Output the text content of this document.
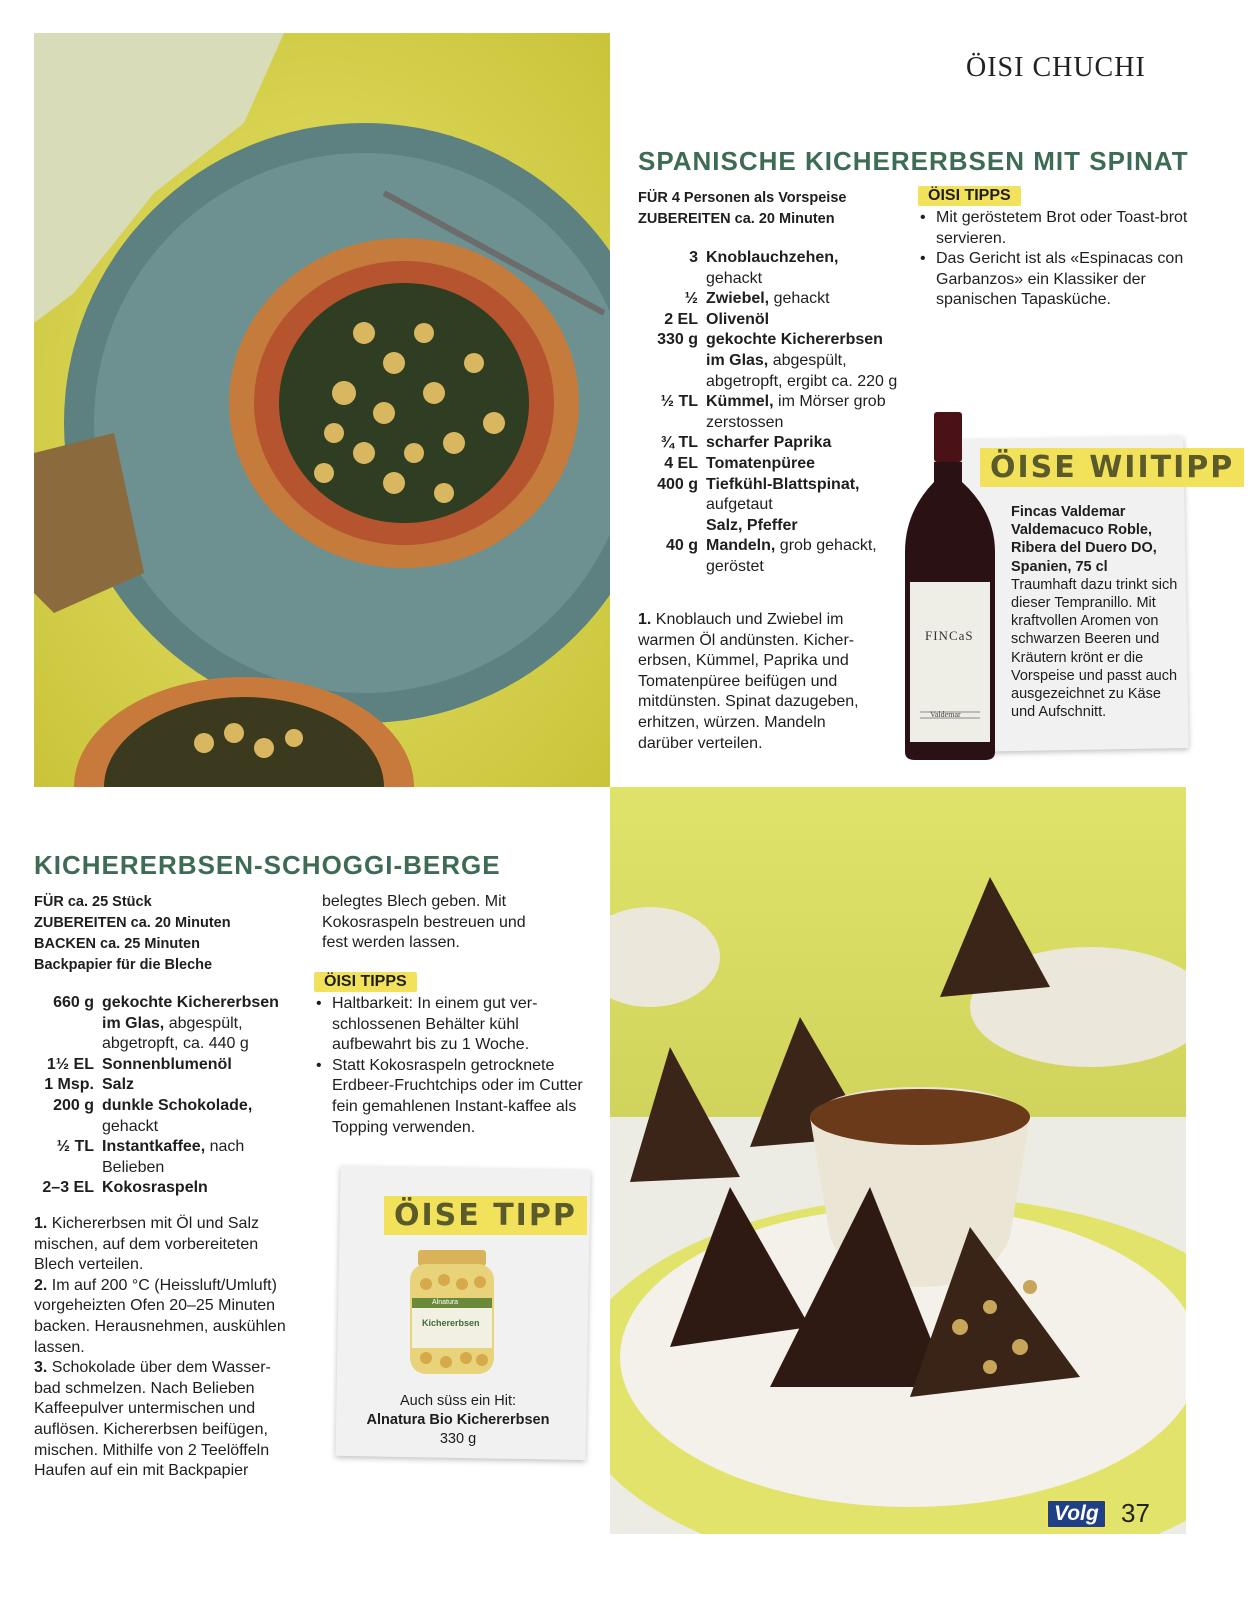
ÖISI CHUCHI
SPANISCHE KICHERERBSEN MIT SPINAT
FÜR 4 Personen als Vorspeise
ZUBEREITEN ca. 20 Minuten
3 Knoblauchzehen, gehackt
½ Zwiebel, gehackt
2 EL Olivenöl
330 g gekochte Kichererbsen im Glas, abgespült, abgetropft, ergibt ca. 220 g
½ TL Kümmel, im Mörser grob zerstossen
¾ TL scharfer Paprika
4 EL Tomatenpüree
400 g Tiefkühl-Blattspinat, aufgetaut
Salz, Pfeffer
40 g Mandeln, grob gehackt, geröstet
1. Knoblauch und Zwiebel im warmen Öl andünsten. Kicher-erbsen, Kümmel, Paprika und Tomatenpüree beifügen und mitdünsten. Spinat dazugeben, erhitzen, würzen. Mandeln darüber verteilen.
ÖISI TIPPS
• Mit geröstetem Brot oder Toast-brot servieren.
• Das Gericht ist als «Espinacas con Garbanzos» ein Klassiker der spanischen Tapasküche.
ÖISE WIITIPP
FINCaS
Valdemar
Fincas Valdemar Valdemacuco Roble, Ribera del Duero DO, Spanien, 75 cl
Traumhaft dazu trinkt sich dieser Tempranillo. Mit kraftvollen Aromen von schwarzen Beeren und Kräutern krönt er die Vorspeise und passt auch ausgezeichnet zu Käse und Aufschnitt.
KICHERERBSEN-SCHOGGI-BERGE
FÜR ca. 25 Stück
ZUBEREITEN ca. 20 Minuten
BACKEN ca. 25 Minuten
Backpapier für die Bleche
660 g gekochte Kichererbsen im Glas, abgespült, abgetropft, ca. 440 g
1½ EL Sonnenblumenöl
1 Msp. Salz
200 g dunkle Schokolade, gehackt
½ TL Instantkaffee, nach Belieben
2–3 EL Kokosraspeln
1. Kichererbsen mit Öl und Salz mischen, auf dem vorbereiteten Blech verteilen.
2. Im auf 200 °C (Heissluft/Umluft) vorgeheizten Ofen 20–25 Minuten backen. Herausnehmen, auskühlen lassen.
3. Schokolade über dem Wasser-bad schmelzen. Nach Belieben Kaffeepulver untermischen und auflösen. Kichererbsen beifügen, mischen. Mithilfe von 2 Teelöffeln Haufen auf ein mit Backpapier
belegtes Blech geben. Mit Kokosraspeln bestreuen und fest werden lassen.
ÖISI TIPPS
• Haltbarkeit: In einem gut ver-schlossenen Behälter kühl aufbewahrt bis zu 1 Woche.
• Statt Kokosraspeln getrocknete Erdbeer-Fruchtchips oder im Cutter fein gemahlenen Instant-kaffee als Topping verwenden.
ÖISE TIPP
Alnatura
Kichererbsen
Auch süss ein Hit:
Alnatura Bio Kichererbsen
330 g
Volg 37
